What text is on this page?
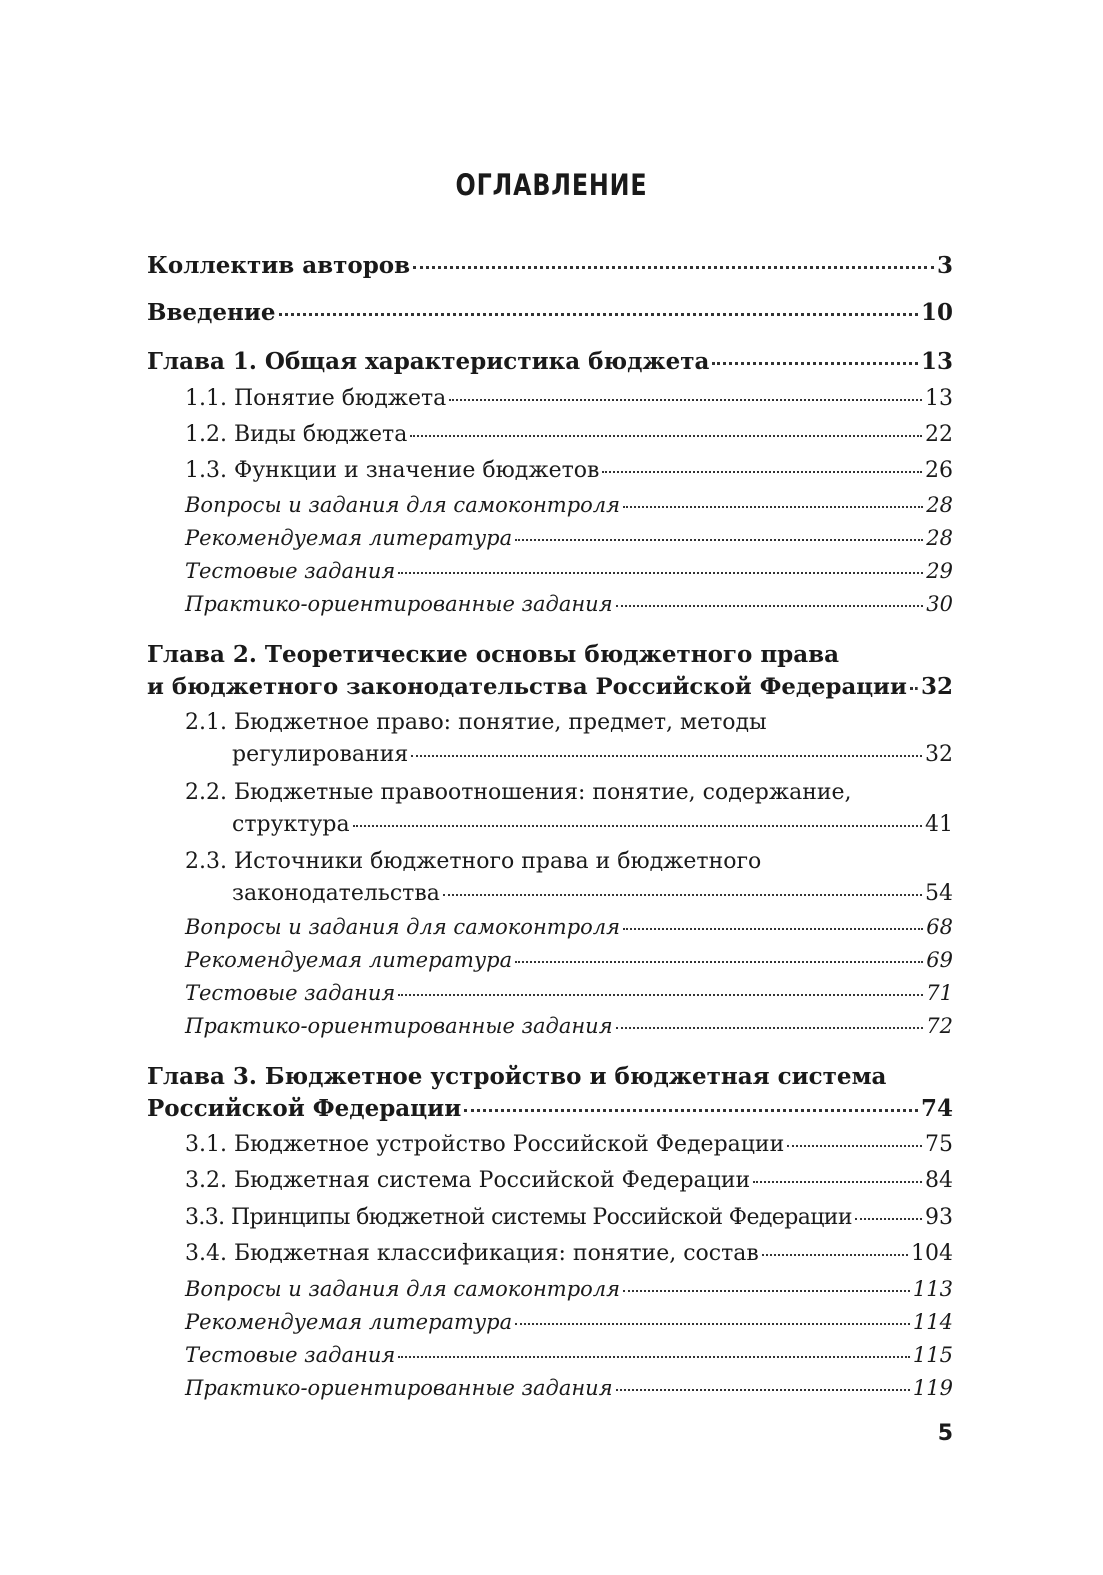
ОГЛАВЛЕНИЕ
Коллектив авторов	3
Введение	10
Глава 1. Общая характеристика бюджета	13
1.1. Понятие бюджета	13
1.2. Виды бюджета	22
1.3. Функции и значение бюджетов	26
Вопросы и задания для самоконтроля	28
Рекомендуемая литература	28
Тестовые задания	29
Практико-ориентированные задания	30
Глава 2. Теоретические основы бюджетного права
и бюджетного законодательства Российской Федерации 32
2.1. Бюджетное право: понятие, предмет, методы
регулирования	32
2.2. Бюджетные правоотношения: понятие, содержание,
структура	41
2.3. Источники бюджетного права и бюджетного
законодательства	54
Вопросы и задания для самоконтроля	68
Рекомендуемая литература	69
Тестовые задания	71
Практико-ориентированные задания	72
Глава 3. Бюджетное устройство и бюджетная система
Российской Федерации	74
3.1. Бюджетное устройство Российской Федерации	75
3.2. Бюджетная система Российской Федерации	84
3.3. Принципы бюджетной системы Российской Федерации	93
3.4. Бюджетная классификация: понятие, состав	104
Вопросы и задания для самоконтроля	113
Рекомендуемая литература	114
Тестовые задания	115
Практико-ориентированные задания	119
5
